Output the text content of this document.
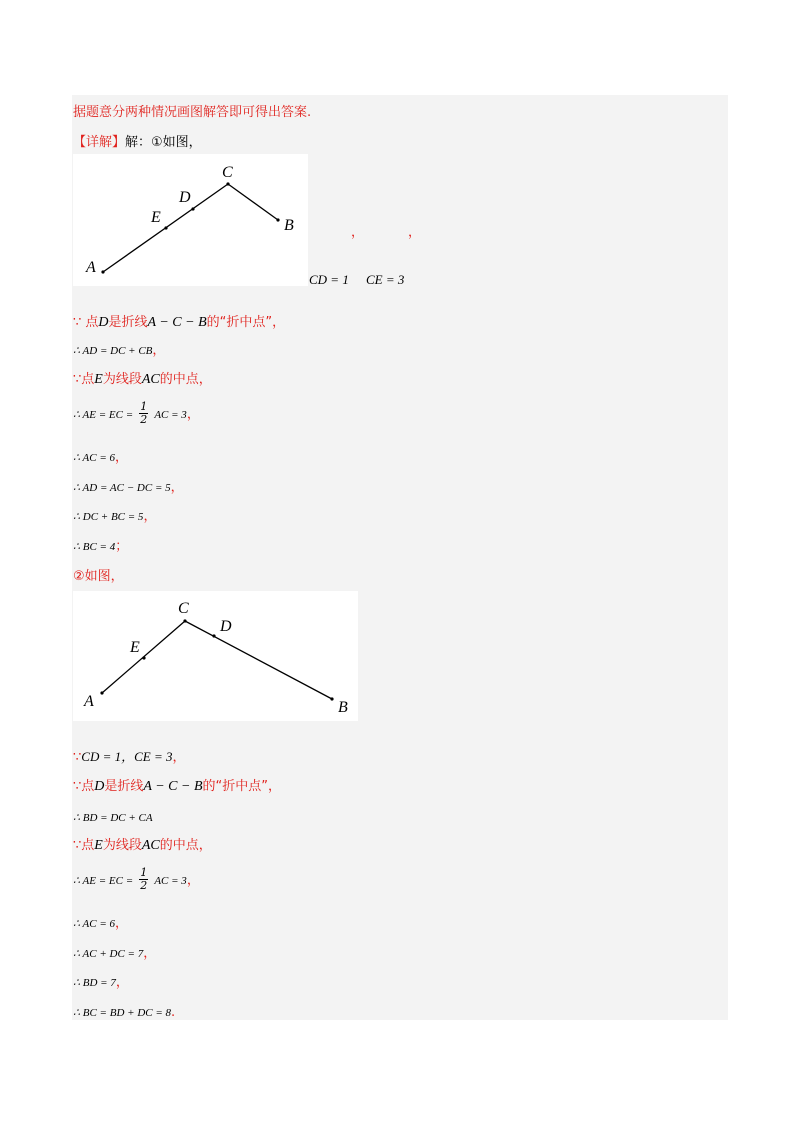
据题意分两种情况画图解答即可得出答案.
【详解】解：①如图，
A
C
B
E
D
，	，
CD = 1 CE = 3
∵ 点D是折线A − C − B的“折中点”，
∴ AD = DC + CB，
∵点E为线段AC的中点，
∴ AE = EC = $\frac{1}{2}$ AC = 3，
∴ AC = 6，
∴ AD = AC − DC = 5，
∴ DC + BC = 5，
∴ BC = 4；
②如图，
A
C
B
E
D
∵CD = 1，CE = 3，
∵点D是折线A − C − B的“折中点”，
∴ BD = DC + CA
∵点E为线段AC的中点，
∴ AE = EC = $\frac{1}{2}$ AC = 3，
∴ AC = 6，
∴ AC + DC = 7，
∴ BD = 7，
∴ BC = BD + DC = 8.
